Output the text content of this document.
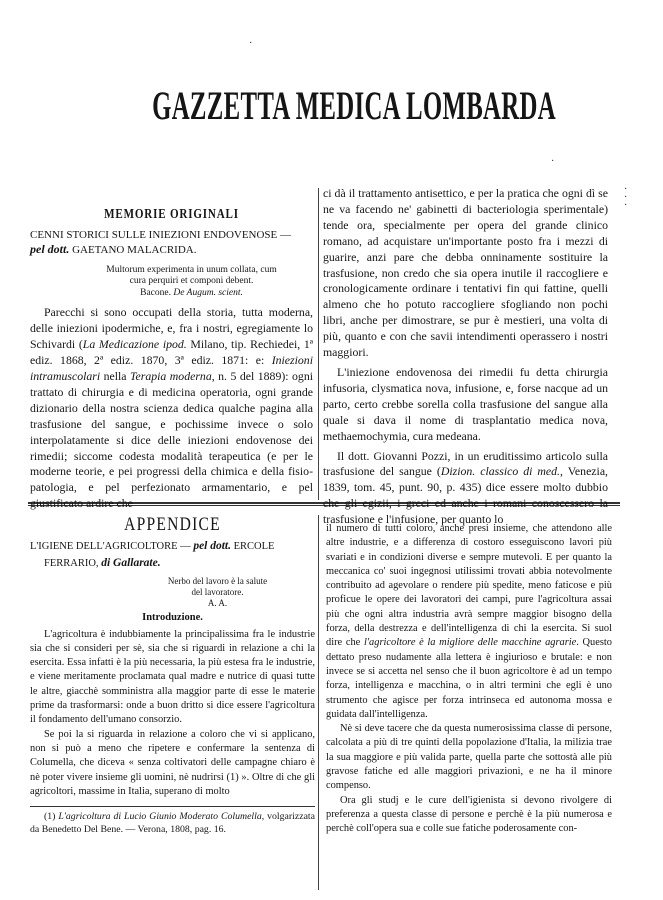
GAZZETTA MEDICA LOMBARDA
·
·
·
·
·
MEMORIE ORIGINALI
CENNI STORICI SULLE INIEZIONI ENDOVENOSE —
pel dott. GAETANO MALACRIDA.
Multorum experimenta in unum collata, cum
cura perquiri et componi debent.
Bacone. De Augum. scient.

Parecchi si sono occupati della storia, tutta moderna, delle iniezioni ipodermiche, e, fra i nostri, egregiamente lo Schivardi (La Medicazione ipod. Milano, tip. Rechiedei, 1ª ediz. 1868, 2ª ediz. 1870, 3ª ediz. 1871: e: Iniezioni intramuscolari nella Terapia moderna, n. 5 del 1889): ogni trattato di chirurgia e di medicina operatoria, ogni grande dizionario della nostra scienza dedica qualche pagina alla trasfusione del sangue, e pochissime invece o solo interpolatamente si dice delle iniezioni endovenose dei rimedii; siccome codesta modalità terapeutica (e per le moderne teorie, e pei progressi della chimica e della fisio-patologia, e pel perfezionato armamentario, e pel giustificato ardire che

ci dà il trattamento antisettico, e per la pratica che ogni dì se ne va facendo ne' gabinetti di bacteriologia sperimentale) tende ora, specialmente per opera del grande clinico romano, ad acquistare un'importante posto fra i mezzi di guarire, anzi pare che debba onninamente sostituire la trasfusione, non credo che sia opera inutile il raccogliere e cronologicamente ordinare i tentativi fin qui fattine, quelli almeno che ho potuto raccogliere sfogliando non pochi libri, anche per dimostrare, se pur è mestieri, una volta di più, quanto e con che savii intendimenti operassero i nostri maggiori.

L'iniezione endovenosa dei rimedii fu detta chirurgia infusoria, clysmatica nova, infusione, e, forse nacque ad un parto, certo crebbe sorella colla trasfusione del sangue alla quale si dava il nome di trasplantatio medica nova, methaemochymia, cura medeana.

Il dott. Giovanni Pozzi, in un eruditissimo articolo sulla trasfusione del sangue (Dizion. classico di med., Venezia, 1839, tom. 45, punt. 90, p. 435) dice essere molto dubbio che gli egizii, i greci ed anche i romani conoscessero la trasfusione e l'infusione, per quanto lo

APPENDICE
L'IGIENE DELL'AGRICOLTORE — pel dott. ERCOLE
FERRARIO, di Gallarate.
Nerbo del lavoro è la salute
del lavoratore.
A. A.
Introduzione.

L'agricoltura è indubbiamente la principalissima fra le industrie sia che si consideri per sè, sia che si riguardi in relazione a chi la esercita. Essa infatti è la più necessaria, la più estesa fra le industrie, e viene meritamente proclamata qual madre e nutrice di quasi tutte le altre, giacchè somministra alla maggior parte di esse le materie prime da trasformarsi: onde a buon dritto si dice essere l'agricoltura il fondamento dell'umano consorzio.

Se poi la si riguarda in relazione a coloro che vi si applicano, non si può a meno che ripetere e confermare la sentenza di Columella, che diceva « senza coltivatori delle campagne chiaro è nè poter vivere insieme gli uomini, nè nudrirsi (1) ». Oltre di che gli agricoltori, massime in Italia, superano di molto

(1) L'agricoltura di Lucio Giunio Moderato Columella, volgarizzata da Benedetto Del Bene. — Verona, 1808, pag. 16.

il numero di tutti coloro, anche presi insieme, che attendono alle altre industrie, e a differenza di costoro esseguiscono lavori più svariati e in condizioni diverse e sempre mutevoli. E per quanto la meccanica co' suoi ingegnosi utilissimi trovati abbia notevolmente contribuito ad agevolare o rendere più spedite, meno faticose e più proficue le opere dei lavoratori dei campi, pure l'agricoltura assai più che ogni altra industria avrà sempre maggior bisogno della forza, della destrezza e dell'intelligenza di chi la esercita. Si suol dire che l'agricoltore è la migliore delle macchine agrarie. Questo dettato preso nudamente alla lettera è ingiurioso e brutale: e non invece se si accetta nel senso che il buon agricoltore è ad un tempo forza, intelligenza e macchina, o in altri termini che egli è uno strumento che agisce per forza intrinseca ed autonoma mossa e guidata dall'intelligenza.

Nè si deve tacere che da questa numerosissima classe di persone, calcolata a più di tre quinti della popolazione d'Italia, la milizia trae la sua maggiore e più valida parte, quella parte che sottostà alle più gravose fatiche ed alle maggiori privazioni, e ne ha il minore compenso.

Ora gli studj e le cure dell'igienista si devono rivolgere di preferenza a questa classe di persone e perchè è la più numerosa e perchè coll'opera sua e colle sue fatiche poderosamente con-
